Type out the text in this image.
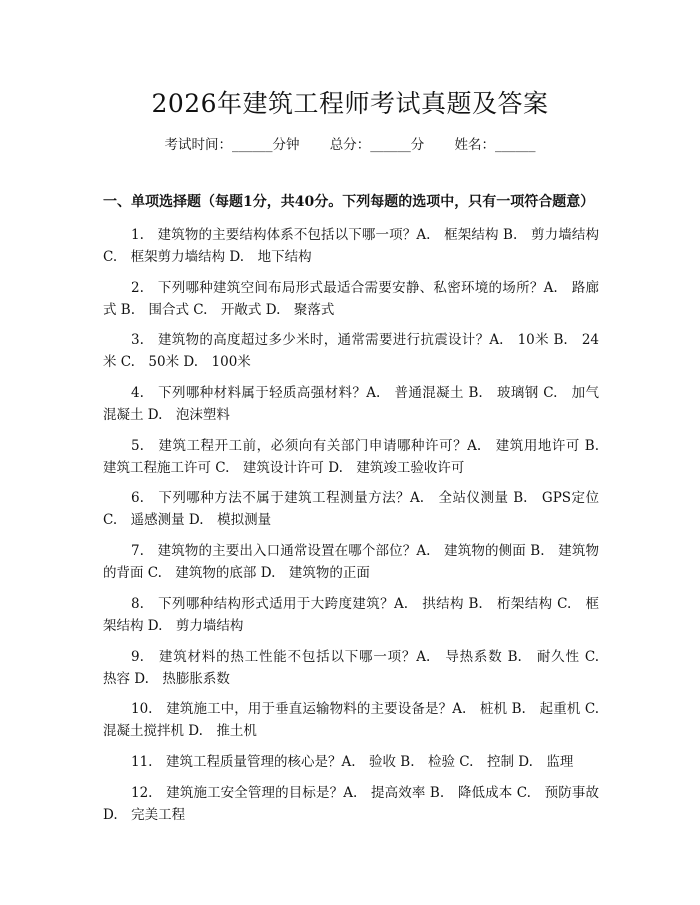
2026年建筑工程师考试真题及答案
考试时间：______分钟 总分：______分 姓名：______
一、单项选择题（每题1分，共40分。下列每题的选项中，只有一项符合题意）

1.　建筑物的主要结构体系不包括以下哪一项？A.　框架结构 B.　剪力墙结构 C.　框架剪力墙结构 D.　地下结构

2.　下列哪种建筑空间布局形式最适合需要安静、私密环境的场所？A.　路廊式 B.　围合式 C.　开敞式 D.　聚落式

3.　建筑物的高度超过多少米时，通常需要进行抗震设计？A.　10米 B.　24米 C.　50米 D.　100米

4.　下列哪种材料属于轻质高强材料？A.　普通混凝土 B.　玻璃钢 C.　加气混凝土 D.　泡沫塑料

5.　建筑工程开工前，必须向有关部门申请哪种许可？A.　建筑用地许可 B.　建筑工程施工许可 C.　建筑设计许可 D.　建筑竣工验收许可

6.　下列哪种方法不属于建筑工程测量方法？A.　全站仪测量 B.　GPS定位 C.　遥感测量 D.　模拟测量

7.　建筑物的主要出入口通常设置在哪个部位？A.　建筑物的侧面 B.　建筑物的背面 C.　建筑物的底部 D.　建筑物的正面

8.　下列哪种结构形式适用于大跨度建筑？A.　拱结构 B.　桁架结构 C.　框架结构 D.　剪力墙结构

9.　建筑材料的热工性能不包括以下哪一项？A.　导热系数 B.　耐久性 C.　热容 D.　热膨胀系数

10.　建筑施工中，用于垂直运输物料的主要设备是？A.　桩机 B.　起重机 C.　混凝土搅拌机 D.　推土机

11.　建筑工程质量管理的核心是？A.　验收 B.　检验 C.　控制 D.　监理

12.　建筑施工安全管理的目标是？A.　提高效率 B.　降低成本 C.　预防事故 D.　完美工程
